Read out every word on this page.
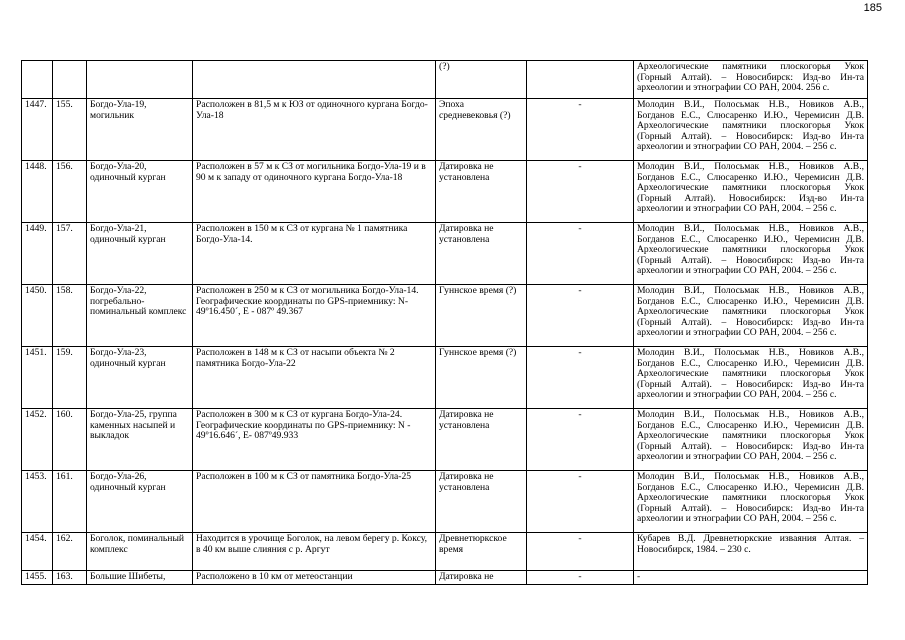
185
				(?)		Археологические памятники плоскогорья Укок (Горный Алтай). – Новосибирск: Изд-во Ин-та археологии и этнографии СО РАН, 2004. 256 с.
1447.	155.	Богдо-Ула-19, могильник	Расположен в 81,5 м к ЮЗ от одиночного кургана Богдо-Ула-18	Эпоха средневековья (?)	-	Молодин В.И., Полосьмак Н.В., Новиков А.В., Богданов Е.С., Слюсаренко И.Ю., Черемисин Д.В. Археологические памятники плоскогорья Укок (Горный Алтай). – Новосибирск: Изд-во Ин-та археологии и этнографии СО РАН, 2004. – 256 с.
1448.	156.	Богдо-Ула-20, одиночный курган	Расположен в 57 м к СЗ от могильника Богдо-Ула-19 и в 90 м к западу от одиночного кургана Богдо-Ула-18	Датировка не установлена	-	Молодин В.И., Полосьмак Н.В., Новиков А.В., Богданов Е.С., Слюсаренко И.Ю., Черемисин Д.В. Археологические памятники плоскогорья Укок (Горный Алтай). Новосибирск: Изд-во Ин-та археологии и этнографии СО РАН, 2004. – 256 с.
1449.	157.	Богдо-Ула-21, одиночный курган	Расположен в 150 м к СЗ от кургана № 1 памятника Богдо-Ула-14.	Датировка не установлена	-	Молодин В.И., Полосьмак Н.В., Новиков А.В., Богданов Е.С., Слюсаренко И.Ю., Черемисин Д.В. Археологические памятники плоскогорья Укок (Горный Алтай). – Новосибирск: Изд-во Ин-та археологии и этнографии СО РАН, 2004. – 256 с.
1450.	158.	Богдо-Ула-22, погребально-поминальный комплекс	Расположен в 250 м к СЗ от могильника Богдо-Ула-14. Географические координаты по GPS-приемнику: N- 49º16.450´, E - 087º 49.367	Гуннское время (?)	-	Молодин В.И., Полосьмак Н.В., Новиков А.В., Богданов Е.С., Слюсаренко И.Ю., Черемисин Д.В. Археологические памятники плоскогорья Укок (Горный Алтай). – Новосибирск: Изд-во Ин-та археологии и этнографии СО РАН, 2004. – 256 с.
1451.	159.	Богдо-Ула-23, одиночный курган	Расположен в 148 м к СЗ от насыпи объекта № 2 памятника Богдо-Ула-22	Гуннское время (?)	-	Молодин В.И., Полосьмак Н.В., Новиков А.В., Богданов Е.С., Слюсаренко И.Ю., Черемисин Д.В. Археологические памятники плоскогорья Укок (Горный Алтай). – Новосибирск: Изд-во Ин-та археологии и этнографии СО РАН, 2004. – 256 с.
1452.	160.	Богдо-Ула-25, группа каменных насыпей и выкладок	Расположен в 300 м к СЗ от кургана Богдо-Ула-24. Географические координаты по GPS-приемнику: N - 49º16.646´, E- 087º49.933	Датировка не установлена	-	Молодин В.И., Полосьмак Н.В., Новиков А.В., Богданов Е.С., Слюсаренко И.Ю., Черемисин Д.В. Археологические памятники плоскогорья Укок (Горный Алтай). – Новосибирск: Изд-во Ин-та археологии и этнографии СО РАН, 2004. – 256 с.
1453.	161.	Богдо-Ула-26, одиночный курган	Расположен в 100 м к СЗ от памятника Богдо-Ула-25	Датировка не установлена	-	Молодин В.И., Полосьмак Н.В., Новиков А.В., Богданов Е.С., Слюсаренко И.Ю., Черемисин Д.В. Археологические памятники плоскогорья Укок (Горный Алтай). – Новосибирск: Изд-во Ин-та археологии и этнографии СО РАН, 2004. – 256 с.
1454.	162.	Боголок, поминальный комплекс	Находится в урочище Боголок, на левом берегу р. Коксу, в 40 км выше слияния с р. Аргут	Древнетюркское время	-	Кубарев В.Д. Древнетюркские изваяния Алтая. – Новосибирск, 1984. – 230 с.
1455.	163.	Большие Шибеты,	Расположено в 10 км от метеостанции	Датировка не	-	-
